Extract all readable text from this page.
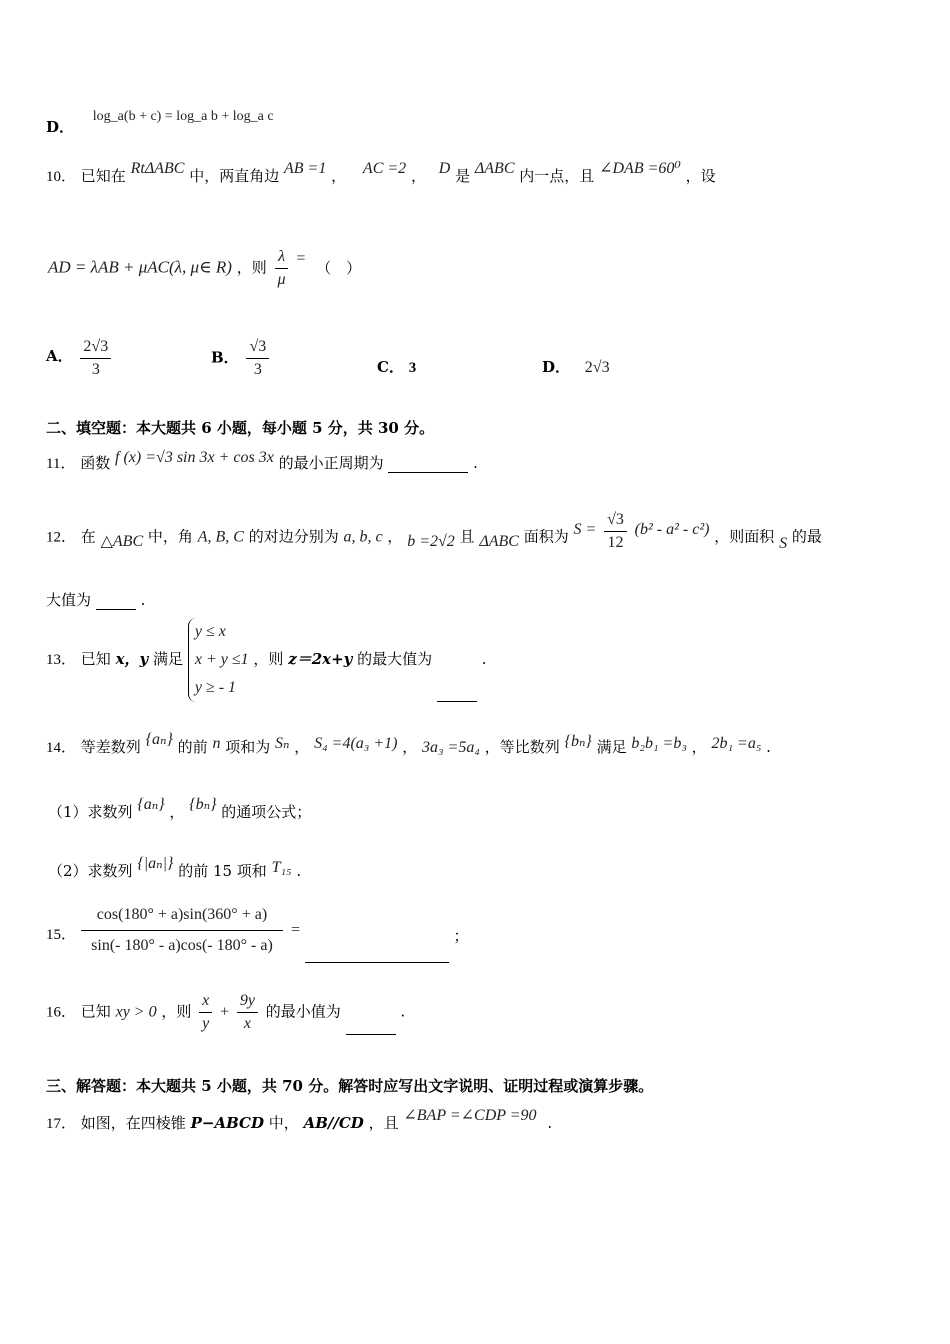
D． log_a(b + c) = log_a b + log_a c
10． 已知在 RtΔABC 中，两直角边 AB =1 ， AC =2 ， D 是 ΔABC 内一点，且 ∠DAB =60⁰ ，设
AD = λAB + μAC(λ, μ∈ R) ，则 $\frac{\lambda}{\mu}$ = （　）
A． $\frac{2√3}{3}$	B． $\frac{√3}{3}$	C． 3	D． 2√3
二、填空题：本大题共 6 小题，每小题 5 分，共 30 分。
11． 函数 f (x) =√3 sin 3x + cos 3x 的最小正周期为	.
12． 在 △ABC 中，角 A, B, C 的对边分别为 a, b, c ， b =2√2 且 ΔABC 面积为 $S = \frac{√3}{12} (b^2 - a^2 - c^2)$ ，则面积 S 的最
大值为	.
13． 已知 x，y 满足
y ≤ x
x + y ≤1
y ≥ - 1
，则 z＝2x+y 的最大值为	.
14． 等差数列 {aₙ} 的前 n 项和为 Sₙ ， S₄ =4(a₃ +1) ， 3a₃ =5a₄ ，等比数列 {bₙ} 满足 b₂b₁ =b₃ ， 2b₁ =a₅ .
（1）求数列 {aₙ} ， {bₙ} 的通项公式；
（2）求数列 {|aₙ|} 的前 15 项和 T₁₅ .
15． $\frac{\cos(180^\circ + a)\sin(360^\circ + a)}{\sin(- 180^\circ - a)\cos(- 180^\circ - a)}$ =	；
16． 已知 xy > 0 ，则 $\frac{x}{y} + \frac{9y}{x}$ 的最小值为	.
三、解答题：本大题共 5 小题，共 70 分。解答时应写出文字说明、证明过程或演算步骤。
17． 如图，在四棱锥 P−ABCD 中， AB//CD ，且 ∠BAP =∠CDP =90 .
